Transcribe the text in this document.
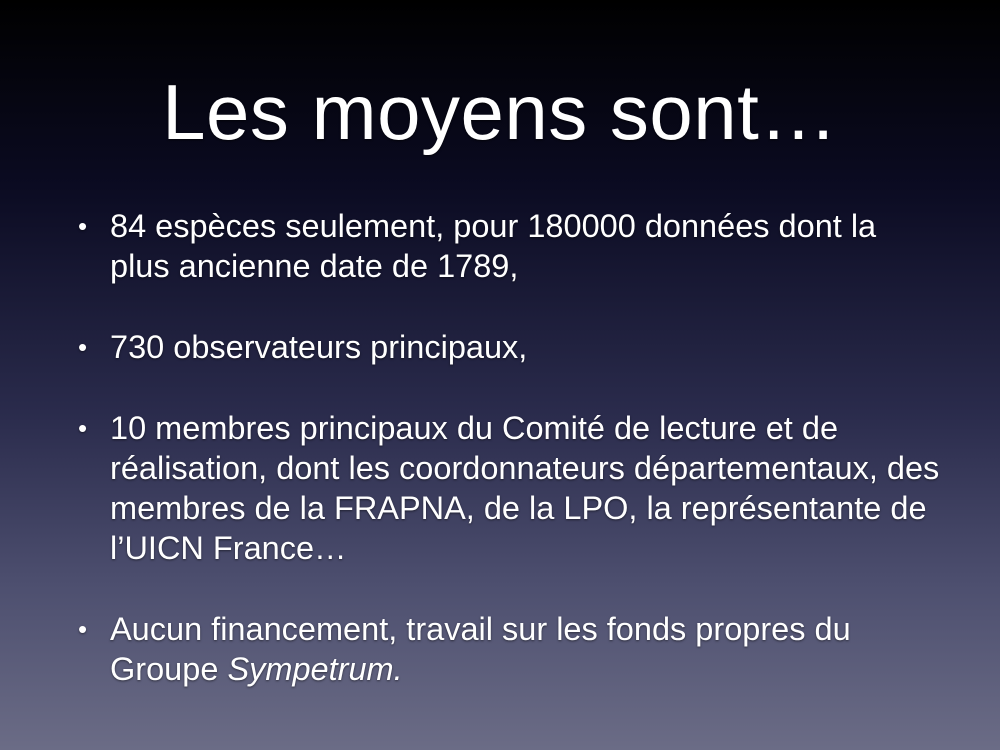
Les moyens sont…
• 84 espèces seulement, pour 180000 données dont la plus ancienne date de 1789,
• 730 observateurs principaux,
• 10 membres principaux du Comité de lecture et de réalisation, dont les coordonnateurs départementaux, des membres de la FRAPNA, de la LPO, la représentante de l’UICN France…
• Aucun financement, travail sur les fonds propres du Groupe Sympetrum.
